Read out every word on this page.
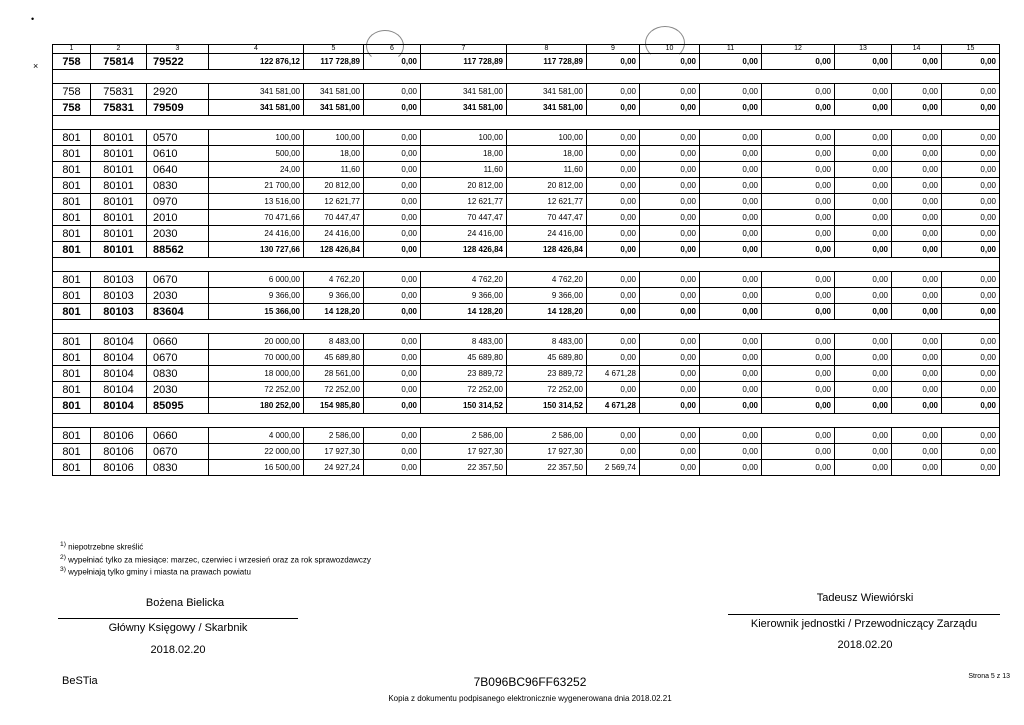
•
×
1	2	3	4	5	6	7	8	9	10	11	12	13	14	15
758	75814	79522	122 876,12	117 728,89	0,00	117 728,89	117 728,89	0,00	0,00	0,00	0,00	0,00	0,00	0,00

758	75831	2920	341 581,00	341 581,00	0,00	341 581,00	341 581,00	0,00	0,00	0,00	0,00	0,00	0,00	0,00
758	75831	79509	341 581,00	341 581,00	0,00	341 581,00	341 581,00	0,00	0,00	0,00	0,00	0,00	0,00	0,00

801	80101	0570	100,00	100,00	0,00	100,00	100,00	0,00	0,00	0,00	0,00	0,00	0,00	0,00
801	80101	0610	500,00	18,00	0,00	18,00	18,00	0,00	0,00	0,00	0,00	0,00	0,00	0,00
801	80101	0640	24,00	11,60	0,00	11,60	11,60	0,00	0,00	0,00	0,00	0,00	0,00	0,00
801	80101	0830	21 700,00	20 812,00	0,00	20 812,00	20 812,00	0,00	0,00	0,00	0,00	0,00	0,00	0,00
801	80101	0970	13 516,00	12 621,77	0,00	12 621,77	12 621,77	0,00	0,00	0,00	0,00	0,00	0,00	0,00
801	80101	2010	70 471,66	70 447,47	0,00	70 447,47	70 447,47	0,00	0,00	0,00	0,00	0,00	0,00	0,00
801	80101	2030	24 416,00	24 416,00	0,00	24 416,00	24 416,00	0,00	0,00	0,00	0,00	0,00	0,00	0,00
801	80101	88562	130 727,66	128 426,84	0,00	128 426,84	128 426,84	0,00	0,00	0,00	0,00	0,00	0,00	0,00

801	80103	0670	6 000,00	4 762,20	0,00	4 762,20	4 762,20	0,00	0,00	0,00	0,00	0,00	0,00	0,00
801	80103	2030	9 366,00	9 366,00	0,00	9 366,00	9 366,00	0,00	0,00	0,00	0,00	0,00	0,00	0,00
801	80103	83604	15 366,00	14 128,20	0,00	14 128,20	14 128,20	0,00	0,00	0,00	0,00	0,00	0,00	0,00

801	80104	0660	20 000,00	8 483,00	0,00	8 483,00	8 483,00	0,00	0,00	0,00	0,00	0,00	0,00	0,00
801	80104	0670	70 000,00	45 689,80	0,00	45 689,80	45 689,80	0,00	0,00	0,00	0,00	0,00	0,00	0,00
801	80104	0830	18 000,00	28 561,00	0,00	23 889,72	23 889,72	4 671,28	0,00	0,00	0,00	0,00	0,00	0,00
801	80104	2030	72 252,00	72 252,00	0,00	72 252,00	72 252,00	0,00	0,00	0,00	0,00	0,00	0,00	0,00
801	80104	85095	180 252,00	154 985,80	0,00	150 314,52	150 314,52	4 671,28	0,00	0,00	0,00	0,00	0,00	0,00

801	80106	0660	4 000,00	2 586,00	0,00	2 586,00	2 586,00	0,00	0,00	0,00	0,00	0,00	0,00	0,00
801	80106	0670	22 000,00	17 927,30	0,00	17 927,30	17 927,30	0,00	0,00	0,00	0,00	0,00	0,00	0,00
801	80106	0830	16 500,00	24 927,24	0,00	22 357,50	22 357,50	2 569,74	0,00	0,00	0,00	0,00	0,00	0,00
$^{1)}$ niepotrzebne skreślić
$^{2)}$ wypełniać tylko za miesiące: marzec, czerwiec i wrzesień oraz za rok sprawozdawczy
$^{3)}$ wypełniają tylko gminy i miasta na prawach powiatu
Bożena Bielicka
Główny Księgowy / Skarbnik
2018.02.20
Tadeusz Wiewiórski
Kierownik jednostki / Przewodniczący Zarządu
2018.02.20
BeSTia	7B096BC96FF63252	Strona 5 z 13
Kopia z dokumentu podpisanego elektronicznie wygenerowana dnia 2018.02.21
